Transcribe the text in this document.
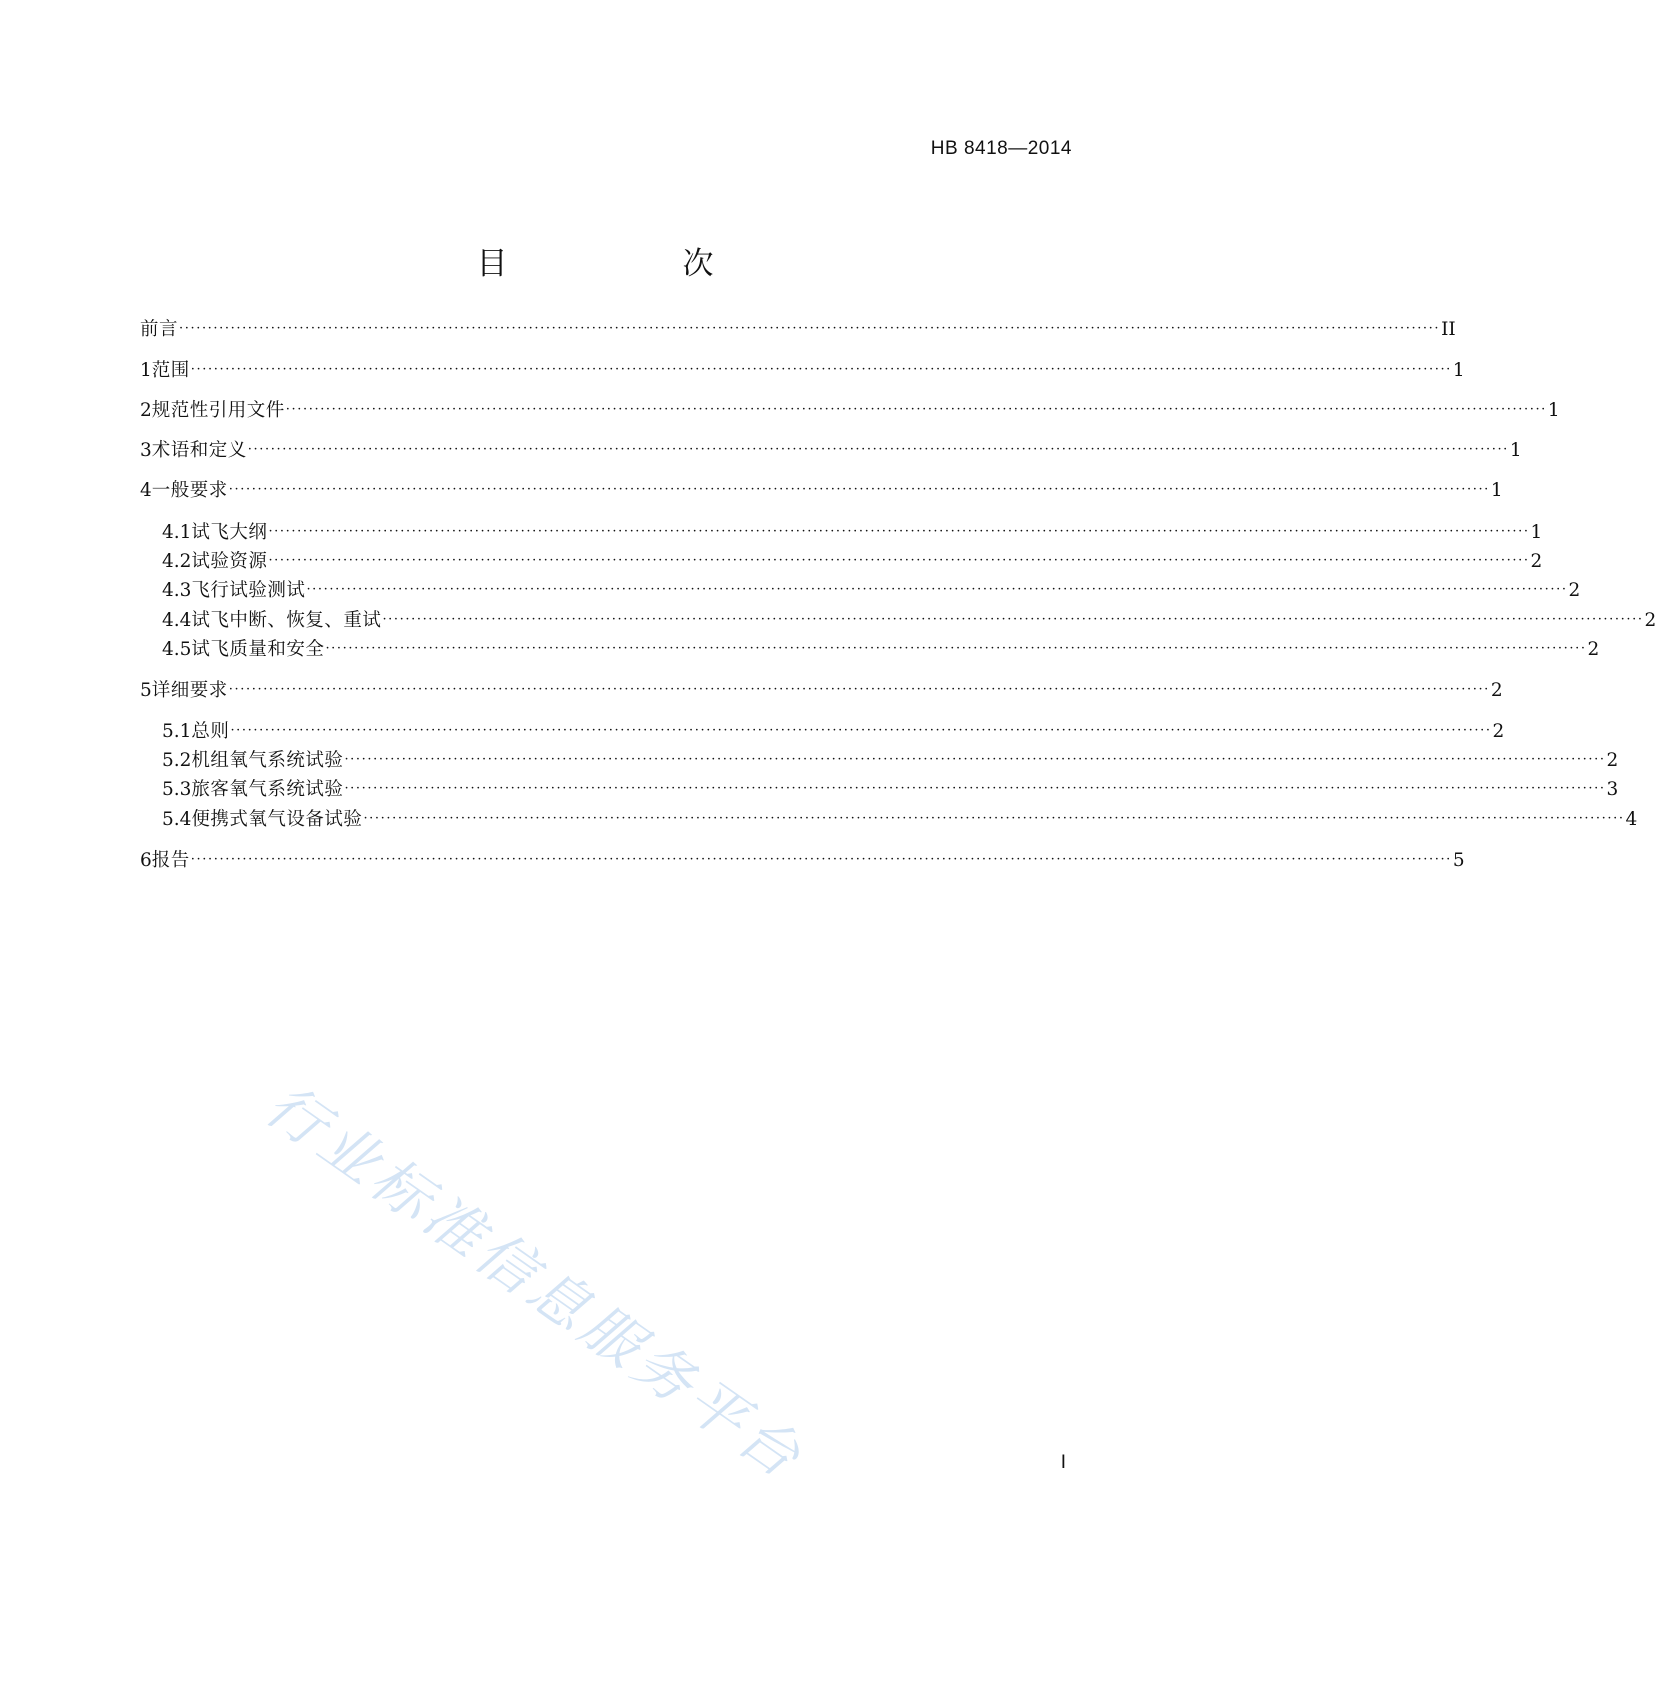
HB 8418—2014
目　次
前言 ···························································································································································································································· II
1 范围 ···························································································································································································································· 1
2 规范性引用文件 ···························································································································································································································· 1
3 术语和定义 ···························································································································································································································· 1
4 一般要求 ···························································································································································································································· 1
4.1 试飞大纲 ···························································································································································································································· 1
4.2 试验资源 ···························································································································································································································· 2
4.3 飞行试验测试 ···························································································································································································································· 2
4.4 试飞中断、恢复、重试 ···························································································································································································································· 2
4.5 试飞质量和安全 ···························································································································································································································· 2
5 详细要求 ···························································································································································································································· 2
5.1 总则 ···························································································································································································································· 2
5.2 机组氧气系统试验 ···························································································································································································································· 2
5.3 旅客氧气系统试验 ···························································································································································································································· 3
5.4 便携式氧气设备试验 ···························································································································································································································· 4
6 报告 ···························································································································································································································· 5
行业标准信息服务平台	I
